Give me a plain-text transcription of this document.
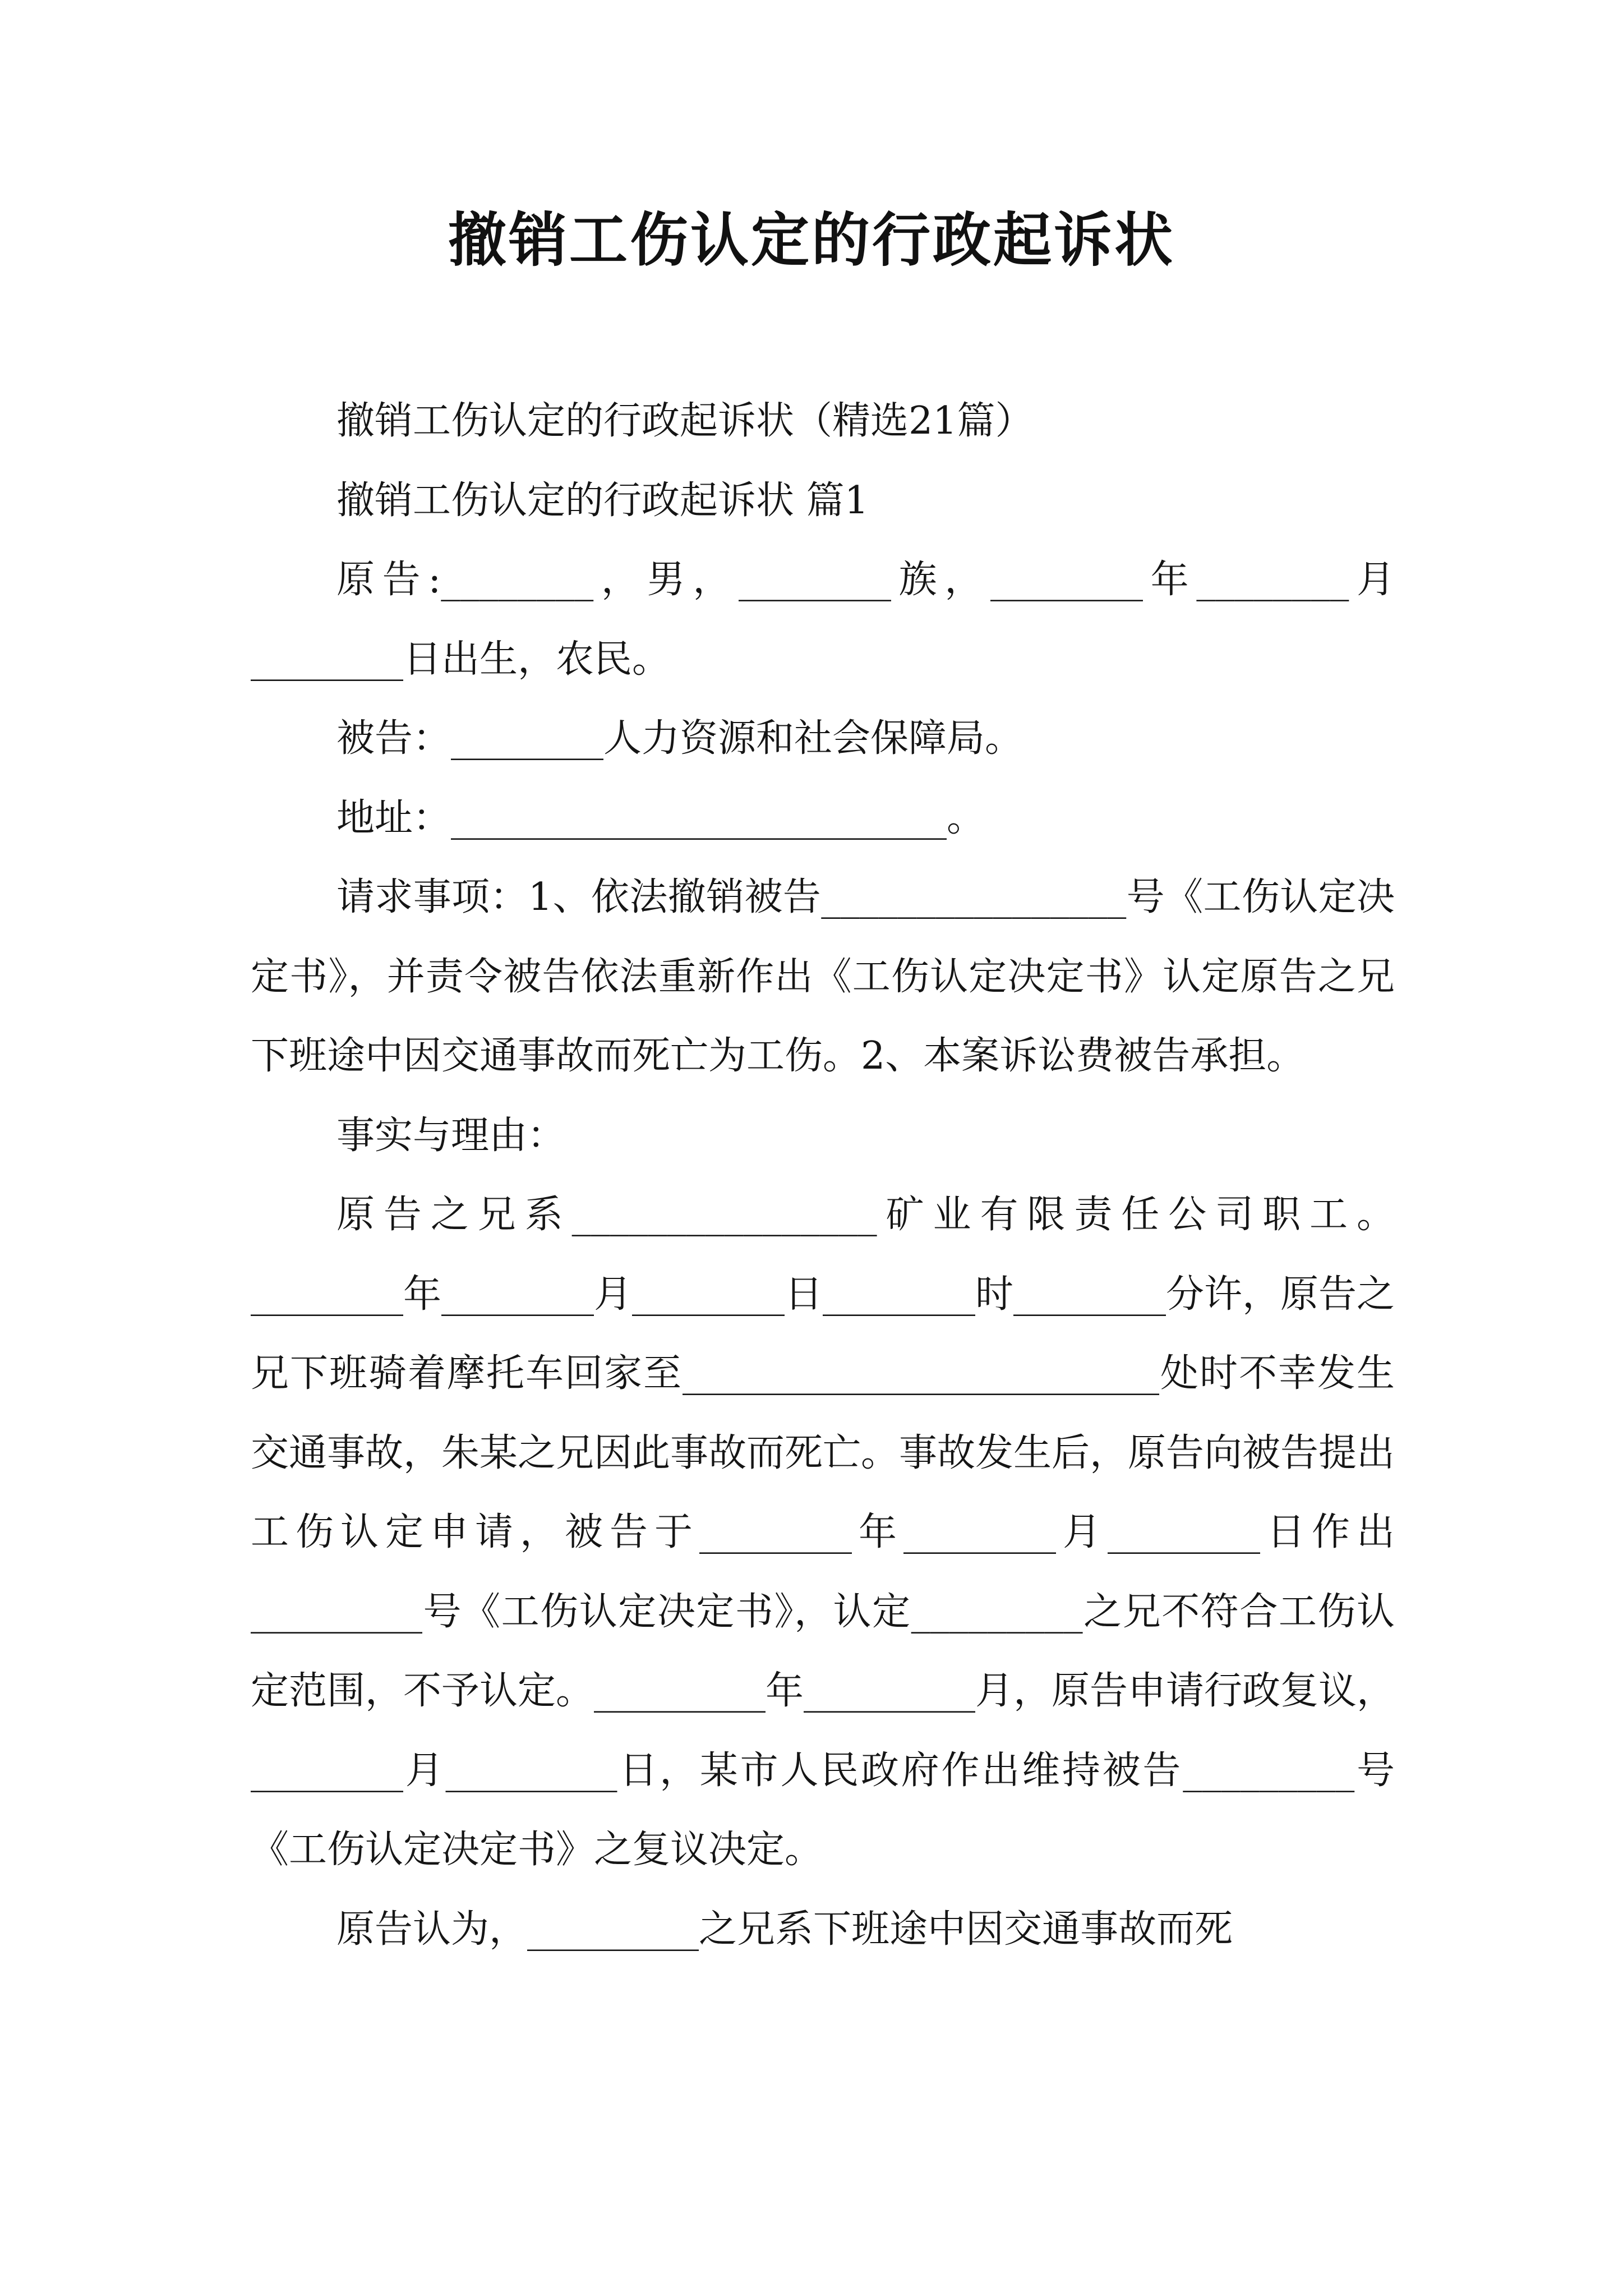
撤销工伤认定的行政起诉状

撤销工伤认定的行政起诉状（精选21篇）

撤销工伤认定的行政起诉状 篇1

原告:________，男，________族，________年________月________日出生，农民。

被告：________人力资源和社会保障局。

地址：__________________________。

请求事项：1、依法撤销被告________________号《工伤认定决定书》，并责令被告依法重新作出《工伤认定决定书》认定原告之兄下班途中因交通事故而死亡为工伤。2、本案诉讼费被告承担。

事实与理由：

原告之兄系________________矿业有限责任公司职工。________年________月________日________时________分许，原告之兄下班骑着摩托车回家至_________________________处时不幸发生交通事故，朱某之兄因此事故而死亡。事故发生后，原告向被告提出工伤认定申请，被告于________年________月________日作出_________号《工伤认定决定书》，认定_________之兄不符合工伤认定范围，不予认定。_________年_________月，原告申请行政复议，________月_________日，某市人民政府作出维持被告_________号《工伤认定决定书》之复议决定。

原告认为，_________之兄系下班途中因交通事故而死
